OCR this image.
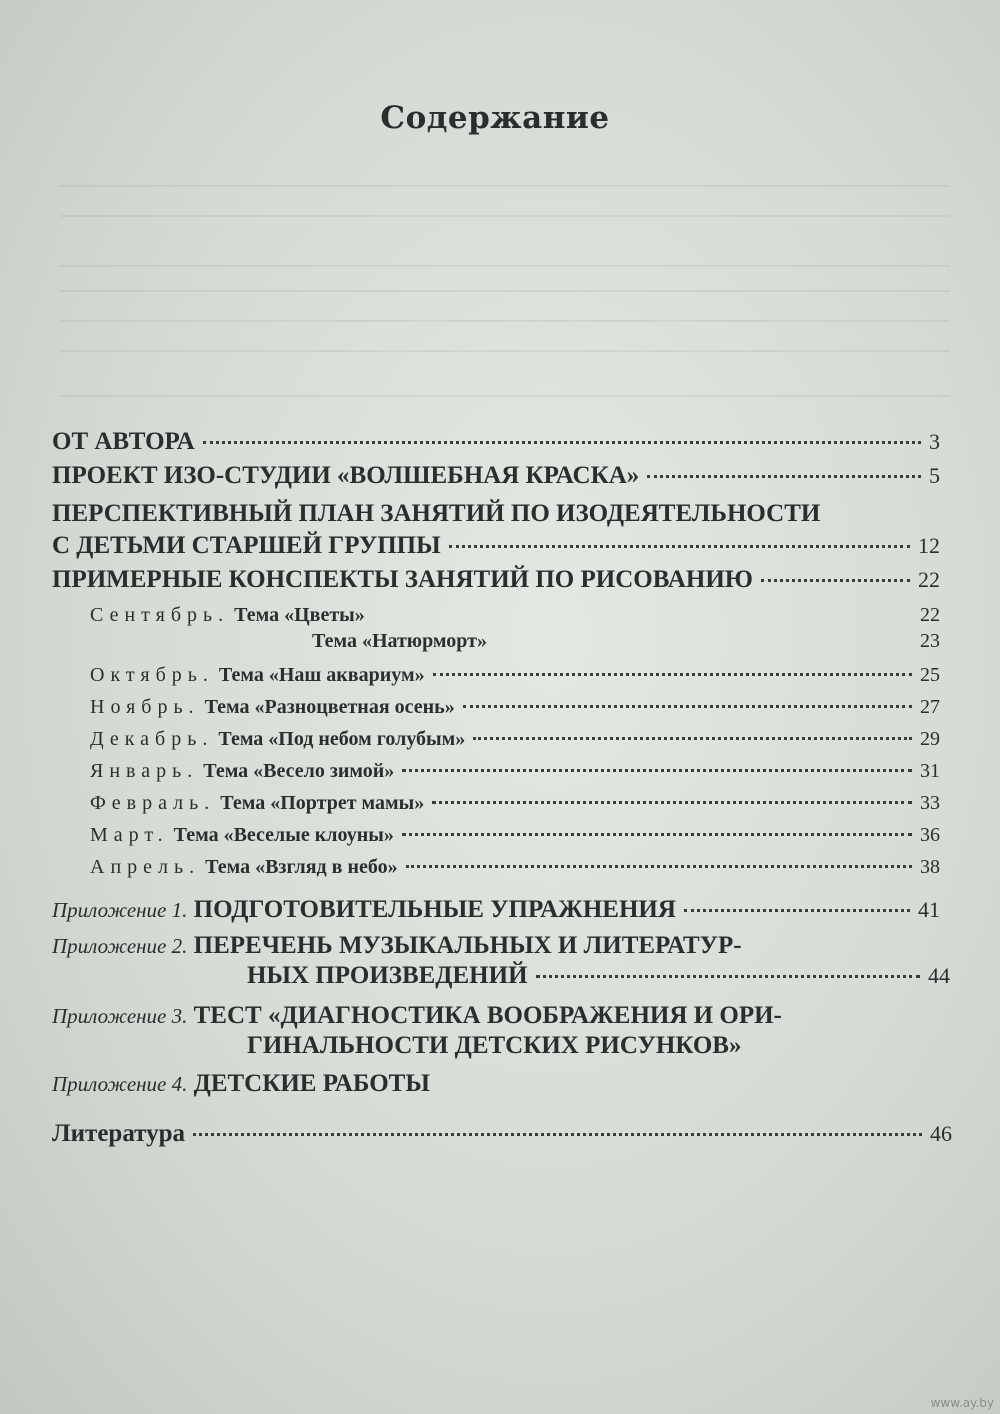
Содержание
ОТ АВТОРА	3
ПРОЕКТ ИЗО-СТУДИИ «ВОЛШЕБНАЯ КРАСКА»	5
ПЕРСПЕКТИВНЫЙ ПЛАН ЗАНЯТИЙ ПО ИЗОДЕЯТЕЛЬНОСТИ
С ДЕТЬМИ СТАРШЕЙ ГРУППЫ	12
ПРИМЕРНЫЕ КОНСПЕКТЫ ЗАНЯТИЙ ПО РИСОВАНИЮ	22
Сентябрь.
Тема «Цветы»	22
Тема «Натюрморт»	23
Октябрь.
Тема «Наш аквариум»	25
Ноябрь.
Тема «Разноцветная осень»	27
Декабрь.
Тема «Под небом голубым»	29
Январь.
Тема «Весело зимой»	31
Февраль.
Тема «Портрет мамы»	33
Март.
Тема «Веселые клоуны»	36
Апрель.
Тема «Взгляд в небо»	38
Приложение 1.
ПОДГОТОВИТЕЛЬНЫЕ УПРАЖНЕНИЯ	41
Приложение 2.
ПЕРЕЧЕНЬ МУЗЫКАЛЬНЫХ И ЛИТЕРАТУР-
НЫХ ПРОИЗВЕДЕНИЙ	44
Приложение 3.
ТЕСТ «ДИАГНОСТИКА ВООБРАЖЕНИЯ И ОРИ-
ГИНАЛЬНОСТИ ДЕТСКИХ РИСУНКОВ»
Приложение 4.
ДЕТСКИЕ РАБОТЫ
Литература	46
www.ay.by
